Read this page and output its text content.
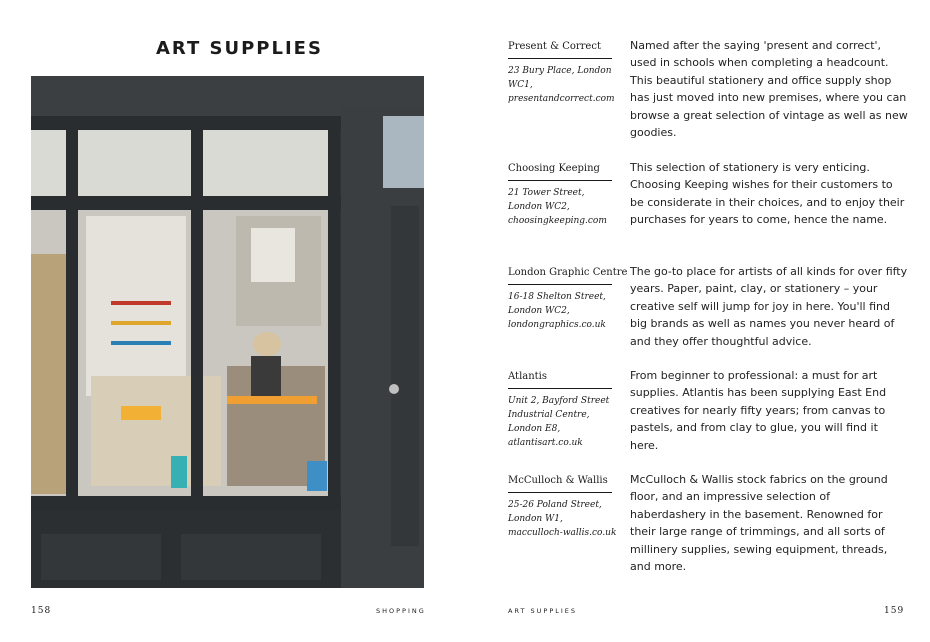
ART SUPPLIES
158	SHOPPING	ART SUPPLIES	159
Present & Correct
23 Bury Place, London WC1, presentandcorrect.com
Named after the saying 'present and correct', used in schools when completing a headcount. This beautiful stationery and office supply shop has just moved into new premises, where you can browse a great selection of vintage as well as new goodies.
Choosing Keeping
21 Tower Street, London WC2, choosingkeeping.com
This selection of stationery is very enticing. Choosing Keeping wishes for their customers to be considerate in their choices, and to enjoy their purchases for years to come, hence the name.
London Graphic Centre
16-18 Shelton Street, London WC2, londongraphics.co.uk
The go-to place for artists of all kinds for over fifty years. Paper, paint, clay, or stationery – your creative self will jump for joy in here. You'll find big brands as well as names you never heard of and they offer thoughtful advice.
Atlantis
Unit 2, Bayford Street Industrial Centre, London E8, atlantisart.co.uk
From beginner to professional: a must for art supplies. Atlantis has been supplying East End creatives for nearly fifty years; from canvas to pastels, and from clay to glue, you will find it here.
McCulloch & Wallis
25-26 Poland Street, London W1, macculloch-wallis.co.uk
McCulloch & Wallis stock fabrics on the ground floor, and an impressive selection of haberdashery in the basement. Renowned for their large range of trimmings, and all sorts of millinery supplies, sewing equipment, threads, and more.
